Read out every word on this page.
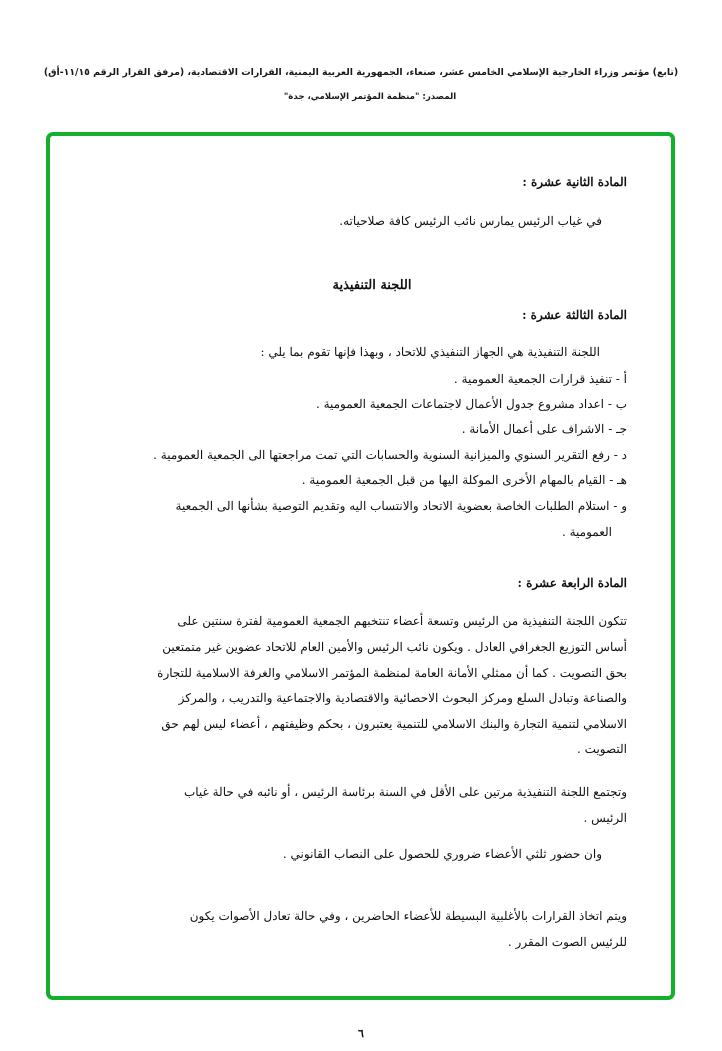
(تابع) مؤتمر وزراء الخارجية الإسلامي الخامس عشر، صنعاء، الجمهورية العربية اليمنية، القرارات الاقتصادية، (مرفق القرار الرقم ١١/١٥-أق)
المصدر: "منظمة المؤتمر الإسلامي، جدة"
المادة الثانية عشرة :
في غياب الرئيس يمارس نائب الرئيس كافة صلاحياته.
اللجنة التنفيذية
المادة الثالثة عشرة :
اللجنة التنفيذية هي الجهاز التنفيذي للاتحاد ، وبهذا فإنها تقوم بما يلي :
أ - تنفيذ قرارات الجمعية العمومية .
ب - اعداد مشروع جدول الأعمال لاجتماعات الجمعية العمومية .
جـ - الاشراف على أعمال الأمانة .
د - رفع التقرير السنوي والميزانية السنوية والحسابات التي تمت مراجعتها الى الجمعية العمومية .
هـ - القيام بالمهام الأخرى الموكلة اليها من قبل الجمعية العمومية .
و - استلام الطلبات الخاصة بعضوية الاتحاد والانتساب اليه وتقديم التوصية بشأنها الى الجمعية
العمومية .
المادة الرابعة عشرة :
تتكون اللجنة التنفيذية من الرئيس وتسعة أعضاء تنتخبهم الجمعية العمومية لفترة سنتين على
أساس التوزيع الجغرافي العادل . ويكون نائب الرئيس والأمين العام للاتحاد عضوين غير متمتعين
بحق التصويت . كما أن ممثلي الأمانة العامة لمنظمة المؤتمر الاسلامي والغرفة الاسلامية للتجارة
والصناعة وتبادل السلع ومركز البحوث الاحصائية والاقتصادية والاجتماعية والتدريب ، والمركز
الاسلامي لتنمية التجارة والبنك الاسلامي للتنمية يعتبرون ، بحكم وظيفتهم ، أعضاء ليس لهم حق
التصويت .
وتجتمع اللجنة التنفيذية مرتين على الأقل في السنة برئاسة الرئيس ، أو نائبه في حالة غياب
الرئيس .
وان حضور ثلثي الأعضاء ضروري للحصول على النصاب القانوني .
ويتم اتخاذ القرارات بالأغلبية البسيطة للأعضاء الحاضرين ، وفي حالة تعادل الأصوات يكون
للرئيس الصوت المقرر .
٦
